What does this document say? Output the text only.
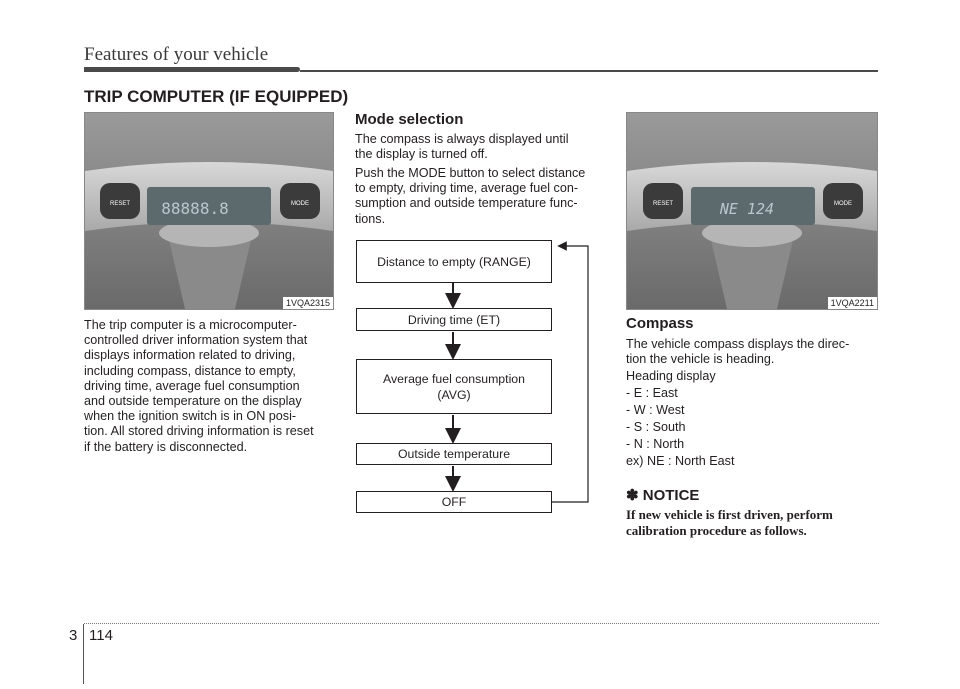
Features of your vehicle
TRIP COMPUTER (IF EQUIPPED)
RESET	MODE
88888.8
1VQA2315
The trip computer is a microcomputer-
controlled driver information system that
displays information related to driving,
including compass, distance to empty,
driving time, average fuel consumption
and outside temperature on the display
when the ignition switch is in ON posi-
tion. All stored driving information is reset
if the battery is disconnected.
Mode selection
The compass is always displayed until
the display is turned off.
Push the MODE button to select distance
to empty, driving time, average fuel con-
sumption and outside temperature func-
tions.
Distance to empty (RANGE)
Driving time (ET)
Average fuel consumption
(AVG)
Outside temperature
OFF
RESET	MODE
NE 124
1VQA2211
Compass
The vehicle compass displays the direc-
tion the vehicle is heading.
Heading display
- E : East
- W : West
- S : South
- N : North
ex) NE : North East
✽ NOTICE
If new vehicle is first driven, perform
calibration procedure as follows.
3 114
